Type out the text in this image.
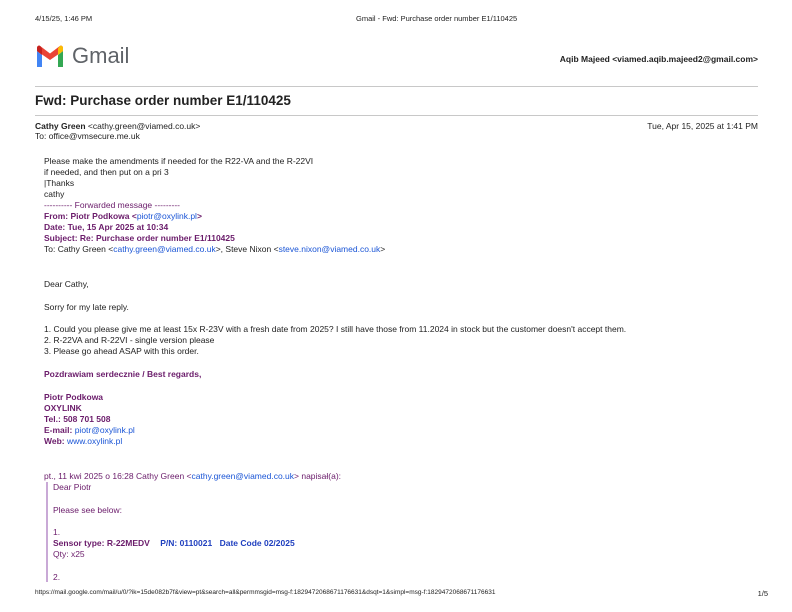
4/15/25, 1:46 PM	Gmail - Fwd: Purchase order number E1/110425
Gmail	Aqib Majeed <viamed.aqib.majeed2@gmail.com>
Fwd: Purchase order number E1/110425
Cathy Green <cathy.green@viamed.co.uk>	Tue, Apr 15, 2025 at 1:41 PM
To: office@vmsecure.me.uk
Please make the amendments if needed for the R22-VA and the R-22VI
if needed, and then put on a pri 3
|Thanks
cathy
---------- Forwarded message ---------
From: Piotr Podkowa <piotr@oxylink.pl>
Date: Tue, 15 Apr 2025 at 10:34
Subject: Re: Purchase order number E1/110425
To: Cathy Green <cathy.green@viamed.co.uk>, Steve Nixon <steve.nixon@viamed.co.uk>
Dear Cathy,
Sorry for my late reply.
1. Could you please give me at least 15x R-23V with a fresh date from 2025? I still have those from 11.2024 in stock but the customer doesn't accept them.
2. R-22VA and R-22VI - single version please
3. Please go ahead ASAP with this order.
Pozdrawiam serdecznie / Best regards,
Piotr Podkowa
OXYLINK
Tel.: 508 701 508
E-mail: piotr@oxylink.pl
Web: www.oxylink.pl
pt., 11 kwi 2025 o 16:28 Cathy Green <cathy.green@viamed.co.uk> napisał(a):
Dear Piotr
Please see below:
1.
Sensor type: R-22MEDV P/N: 0110021 Date Code 02/2025
Qty: x25
2.
https://mail.google.com/mail/u/0/?ik=15de082b7f&view=pt&search=all&permmsgid=msg-f:1829472068671176631&dsqt=1&simpl=msg-f:1829472068671176631	1/5
